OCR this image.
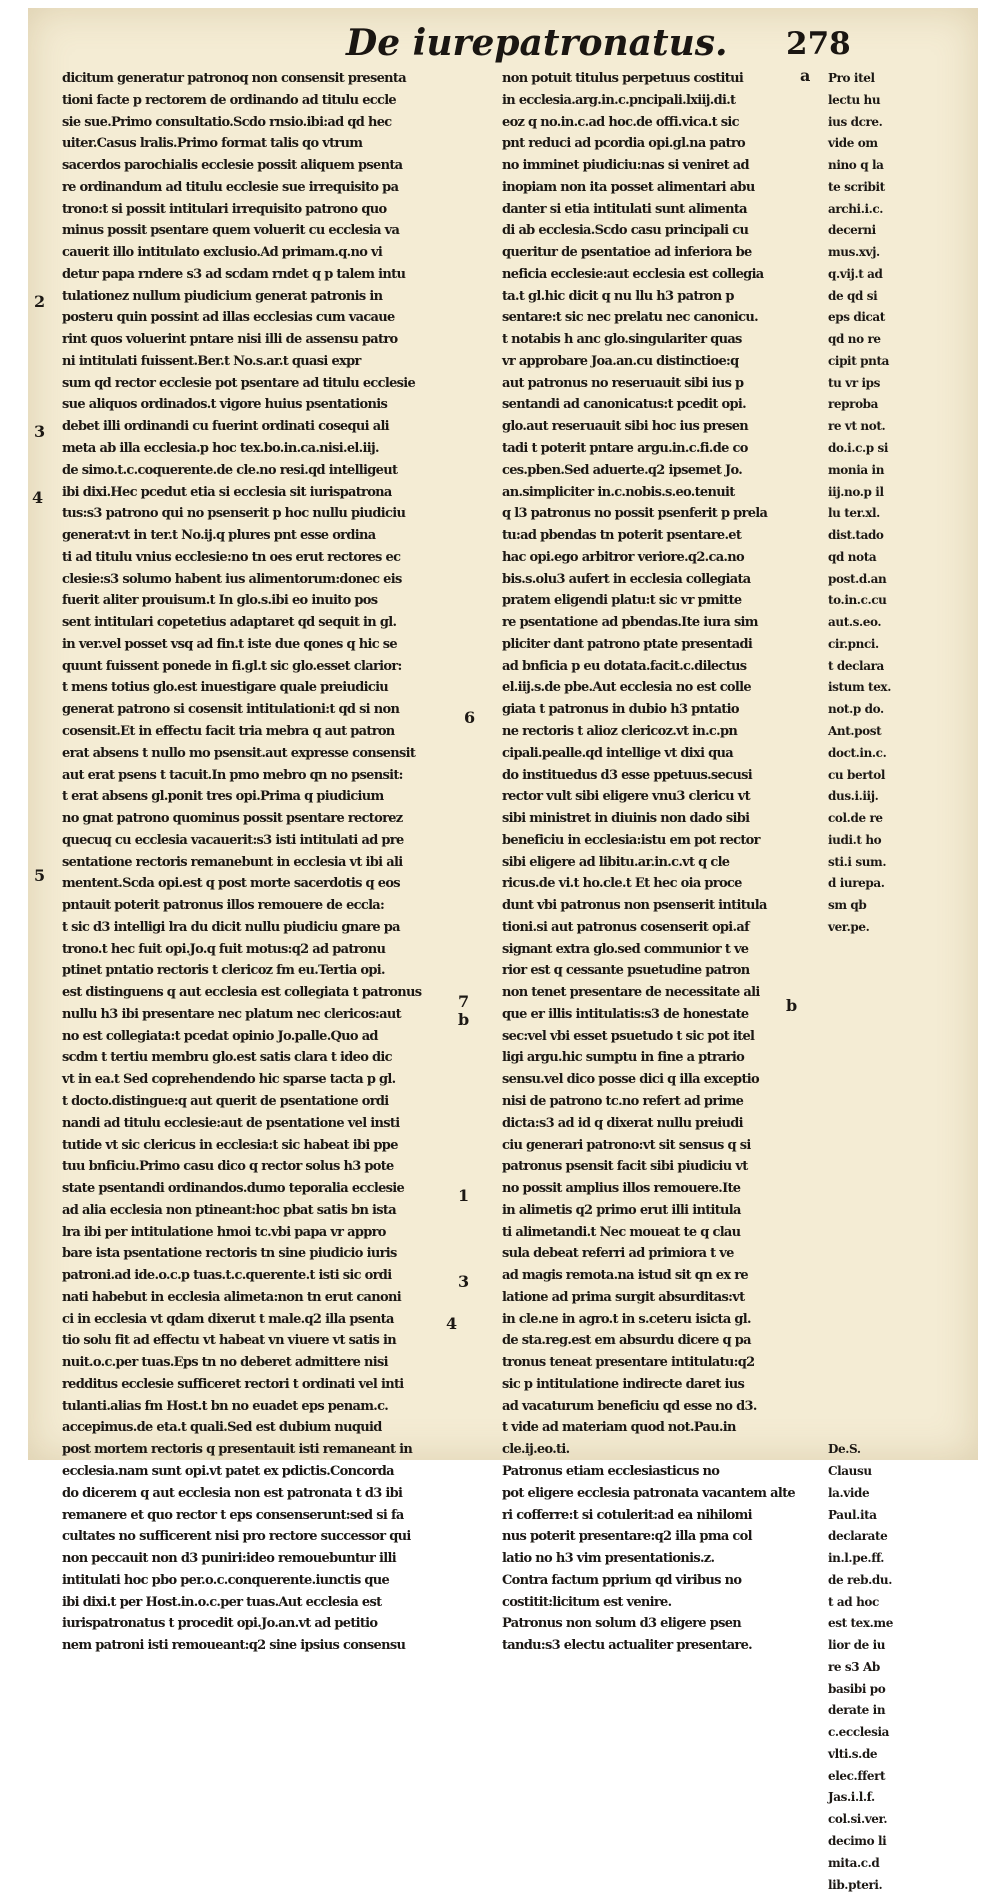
De iurepatronatus. 278
dicitum generatur patronoq non consensit presenta
tioni facte p rectorem de ordinando ad titulu eccle
sie sue.Primo consultatio.Scdo rnsio.ibi:ad qd hec
uiter.Casus lralis.Primo format talis qo vtrum
sacerdos parochialis ecclesie possit aliquem psenta
re ordinandum ad titulu ecclesie sue irrequisito pa
trono:t si possit intitulari irrequisito patrono quo
minus possit psentare quem voluerit cu ecclesia va
cauerit illo intitulato exclusio.Ad primam.q.no vi
detur papa rndere s3 ad scdam rndet q p talem intu
tulationez nullum piudicium generat patronis in
posteru quin possint ad illas ecclesias cum vacaue
rint quos voluerint pntare nisi illi de assensu patro
ni intitulati fuissent.Ber.t No.s.ar.t quasi expr
sum qd rector ecclesie pot psentare ad titulu ecclesie
sue aliquos ordinados.t vigore huius psentationis
debet illi ordinandi cu fuerint ordinati cosequi ali
meta ab illa ecclesia.p hoc tex.bo.in.ca.nisi.el.iij.
de simo.t.c.coquerente.de cle.no resi.qd intelligeut
ibi dixi.Hec pcedut etia si ecclesia sit iurispatrona
tus:s3 patrono qui no psenserit p hoc nullu piudiciu
generat:vt in ter.t No.ij.q plures pnt esse ordina
ti ad titulu vnius ecclesie:no tn oes erut rectores ec
clesie:s3 solumo habent ius alimentorum:donec eis
fuerit aliter prouisum.t In glo.s.ibi eo inuito pos
sent intitulari copetetius adaptaret qd sequit in gl.
in ver.vel posset vsq ad fin.t iste due qones q hic se
quunt fuissent ponede in fi.gl.t sic glo.esset clarior:
t mens totius glo.est inuestigare quale preiudiciu
generat patrono si cosensit intitulationi:t qd si non
cosensit.Et in effectu facit tria mebra q aut patron
erat absens t nullo mo psensit.aut expresse consensit
aut erat psens t tacuit.In pmo mebro qn no psensit:
t erat absens gl.ponit tres opi.Prima q piudicium
no gnat patrono quominus possit psentare rectorez
quecuq cu ecclesia vacauerit:s3 isti intitulati ad pre
sentatione rectoris remanebunt in ecclesia vt ibi ali
mentent.Scda opi.est q post morte sacerdotis q eos
pntauit poterit patronus illos remouere de eccla:
t sic d3 intelligi lra du dicit nullu piudiciu gnare pa
trono.t hec fuit opi.Jo.q fuit motus:q2 ad patronu
ptinet pntatio rectoris t clericoz fm eu.Tertia opi.
est distinguens q aut ecclesia est collegiata t patronus
nullu h3 ibi presentare nec platum nec clericos:aut
no est collegiata:t pcedat opinio Jo.palle.Quo ad
scdm t tertiu membru glo.est satis clara t ideo dic
vt in ea.t Sed coprehendendo hic sparse tacta p gl.
t docto.distingue:q aut querit de psentatione ordi
nandi ad titulu ecclesie:aut de psentatione vel insti
tutide vt sic clericus in ecclesia:t sic habeat ibi ppe
tuu bnficiu.Primo casu dico q rector solus h3 pote
state psentandi ordinandos.dumo teporalia ecclesie
ad alia ecclesia non ptineant:hoc pbat satis bn ista
lra ibi per intitulatione hmoi tc.vbi papa vr appro
bare ista psentatione rectoris tn sine piudicio iuris
patroni.ad ide.o.c.p tuas.t.c.querente.t isti sic ordi
nati habebut in ecclesia alimeta:non tn erut canoni
ci in ecclesia vt qdam dixerut t male.q2 illa psenta
tio solu fit ad effectu vt habeat vn viuere vt satis in
nuit.o.c.per tuas.Eps tn no deberet admittere nisi
redditus ecclesie sufficeret rectori t ordinati vel inti
tulanti.alias fm Host.t bn no euadet eps penam.c.
accepimus.de eta.t quali.Sed est dubium nuquid
post mortem rectoris q presentauit isti remaneant in
ecclesia.nam sunt opi.vt patet ex pdictis.Concorda
do dicerem q aut ecclesia non est patronata t d3 ibi
remanere et quo rector t eps consenserunt:sed si fa
cultates no sufficerent nisi pro rectore successor qui
non peccauit non d3 puniri:ideo remouebuntur illi
intitulati hoc pbo per.o.c.conquerente.iunctis que
ibi dixi.t per Host.in.o.c.per tuas.Aut ecclesia est
iurispatronatus t procedit opi.Jo.an.vt ad petitio
nem patroni isti remoueant:q2 sine ipsius consensu
non potuit titulus perpetuus costitui
in ecclesia.arg.in.c.pncipali.lxiij.di.t
eoz q no.in.c.ad hoc.de offi.vica.t sic
pnt reduci ad pcordia opi.gl.na patro
no imminet piudiciu:nas si veniret ad
inopiam non ita posset alimentari abu
danter si etia intitulati sunt alimenta
di ab ecclesia.Scdo casu principali cu
queritur de psentatioe ad inferiora be
neficia ecclesie:aut ecclesia est collegia
ta.t gl.hic dicit q nu llu h3 patron p
sentare:t sic nec prelatu nec canonicu.
t notabis h anc glo.singulariter quas
vr approbare Joa.an.cu distinctioe:q
aut patronus no reseruauit sibi ius p
sentandi ad canonicatus:t pcedit opi.
glo.aut reseruauit sibi hoc ius presen
tadi t poterit pntare argu.in.c.fi.de co
ces.pben.Sed aduerte.q2 ipsemet Jo.
an.simpliciter in.c.nobis.s.eo.tenuit
q l3 patronus no possit psenferit p prela
tu:ad pbendas tn poterit psentare.et
hac opi.ego arbitror veriore.q2.ca.no
bis.s.olu3 aufert in ecclesia collegiata
pratem eligendi platu:t sic vr pmitte
re psentatione ad pbendas.Ite iura sim
pliciter dant patrono ptate presentadi
ad bnficia p eu dotata.facit.c.dilectus
el.iij.s.de pbe.Aut ecclesia no est colle
giata t patronus in dubio h3 pntatio
ne rectoris t alioz clericoz.vt in.c.pn
cipali.pealle.qd intellige vt dixi qua
do instituedus d3 esse ppetuus.secusi
rector vult sibi eligere vnu3 clericu vt
sibi ministret in diuinis non dado sibi
beneficiu in ecclesia:istu em pot rector
sibi eligere ad libitu.ar.in.c.vt q cle
ricus.de vi.t ho.cle.t Et hec oia proce
dunt vbi patronus non psenserit intitula
tioni.si aut patronus cosenserit opi.af
signant extra glo.sed communior t ve
rior est q cessante psuetudine patron
non tenet presentare de necessitate ali
que er illis intitulatis:s3 de honestate
sec:vel vbi esset psuetudo t sic pot itel
ligi argu.hic sumptu in fine a ptrario
sensu.vel dico posse dici q illa exceptio
nisi de patrono tc.no refert ad prime
dicta:s3 ad id q dixerat nullu preiudi
ciu generari patrono:vt sit sensus q si
patronus psensit facit sibi piudiciu vt
no possit amplius illos remouere.Ite
in alimetis q2 primo erut illi intitula
ti alimetandi.t Nec moueat te q clau
sula debeat referri ad primiora t ve
ad magis remota.na istud sit qn ex re
latione ad prima surgit absurditas:vt
in cle.ne in agro.t in s.ceteru isicta gl.
de sta.reg.est em absurdu dicere q pa
tronus teneat presentare intitulatu:q2
sic p intitulatione indirecte daret ius
ad vacaturum beneficiu qd esse no d3.
t vide ad materiam quod not.Pau.in
cle.ij.eo.ti.
Patronus etiam ecclesiasticus no
pot eligere ecclesia patronata vacantem alte
ri cofferre:t si cotulerit:ad ea nihilomi
nus poterit presentare:q2 illa pma col
latio no h3 vim presentationis.z.
Contra factum pprium qd viribus no
costitit:licitum est venire.
Patronus non solum d3 eligere psen
tandu:s3 electu actualiter presentare.
Pro itel
lectu hu
ius dcre.
vide om
nino q la
te scribit
archi.i.c.
decerni
mus.xvj.
q.vij.t ad
de qd si
eps dicat
qd no re
cipit pnta
tu vr ips
reproba
re vt not.
do.i.c.p si
monia in
iij.no.p il
lu ter.xl.
dist.tado
qd nota
post.d.an
to.in.c.cu
aut.s.eo.
cir.pnci.
t declara
istum tex.
not.p do.
Ant.post
doct.in.c.
cu bertol
dus.i.iij.
col.de re
iudi.t ho
sti.i sum.
d iurepa.
sm qb
ver.pe.
De.S.
Clausu
la.vide
Paul.ita
declarate
in.l.pe.ff.
de reb.du.
t ad hoc
est tex.me
lior de iu
re s3 Ab
basibi po
derate in
c.ecclesia
vlti.s.de
elec.ffert
Jas.i.l.f.
col.si.ver.
decimo li
mita.c.d
lib.pteri.
2
3
4
5
6
7
b
1
3
4
a
b
